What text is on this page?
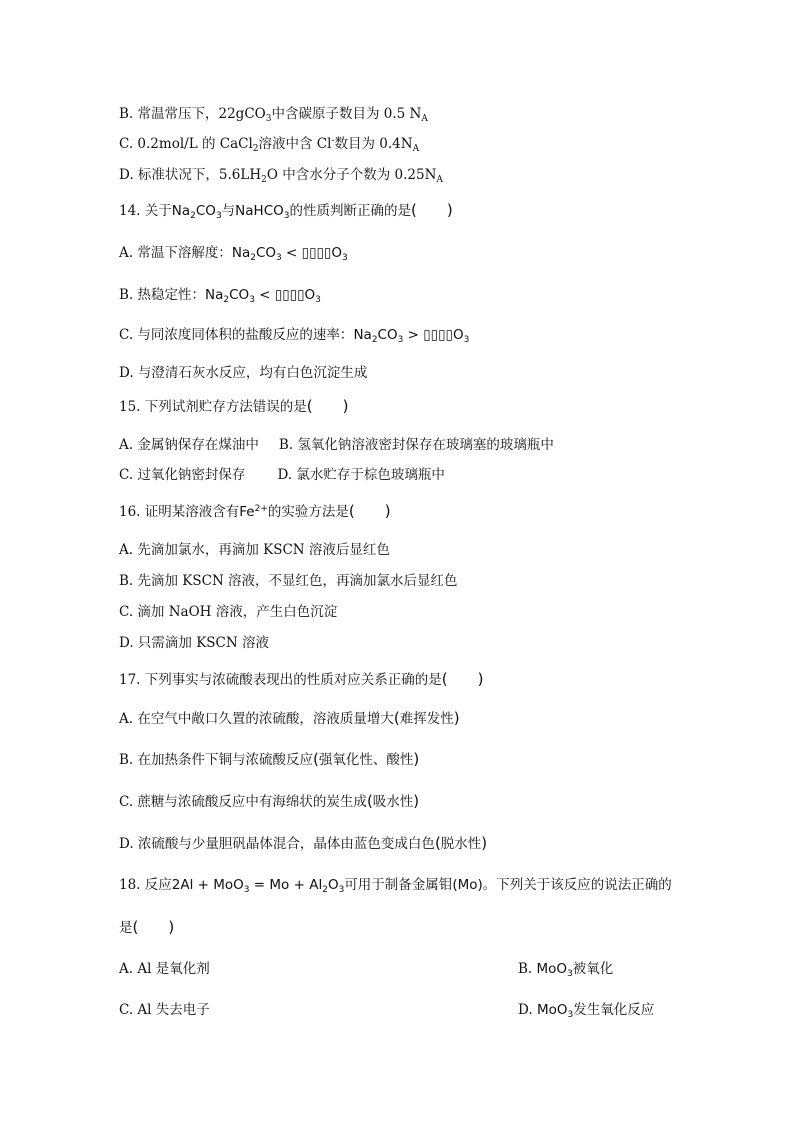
B. 常温常压下，22gCO$_3$中含碳原子数目为 0.5 $N_A$
C. 0.2mol/L 的 CaCl$_2$溶液中含 Cl-数目为 $0.4N_A$
D. 标准状况下，$5.6LH_2O$ 中含水分子个数为 $0.25N_A$
14. 关于$Na_2CO_3$与NaHCO$_3$的性质判断正确的是(　　)
A. 常温下溶解度：$Na_2CO_3$ < $▯▯▯▯O_3$
B. 热稳定性：$Na_2CO_3$ < $▯▯▯▯O_3$
C. 与同浓度同体积的盐酸反应的速率：$Na_2CO_3$ > $▯▯▯▯O_3$
D. 与澄清石灰水反应，均有白色沉淀生成
15. 下列试剂贮存方法错误的是(　　)
A. 金属钠保存在煤油中 B. 氢氧化钠溶液密封保存在玻璃塞的玻璃瓶中
C. 过氧化钠密封保存 D. 氯水贮存于棕色玻璃瓶中
16. 证明某溶液含有$Fe^{2+}$的实验方法是(　　)
A. 先滴加氯水，再滴加 KSCN 溶液后显红色
B. 先滴加 KSCN 溶液，不显红色，再滴加氯水后显红色
C. 滴加 NaOH 溶液，产生白色沉淀
D. 只需滴加 KSCN 溶液
17. 下列事实与浓硫酸表现出的性质对应关系正确的是(　　)
A. 在空气中敞口久置的浓硫酸，溶液质量增大(难挥发性)
B. 在加热条件下铜与浓硫酸反应(强氧化性、酸性)
C. 蔗糖与浓硫酸反应中有海绵状的炭生成(吸水性)
D. 浓硫酸与少量胆矾晶体混合，晶体由蓝色变成白色(脱水性)
18. 反应$2Al + MoO_3 = Mo + Al_2O_3$可用于制备金属钼(Mo)。下列关于该反应的说法正确的
是(　　)
A. Al 是氧化剂	B. MoO$_3$被氧化
C. Al 失去电子	D. MoO$_3$发生氧化反应
